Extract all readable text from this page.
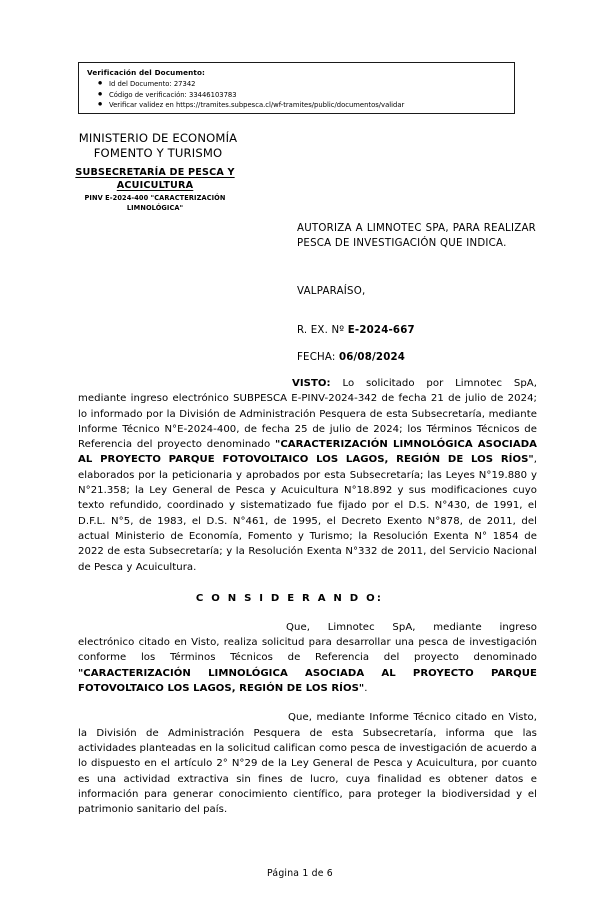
Verificación del Documento:
● Id del Documento: 27342
● Código de verificación: 33446103783
● Verificar validez en https://tramites.subpesca.cl/wf-tramites/public/documentos/validar
MINISTERIO DE ECONOMÍA
FOMENTO Y TURISMO
SUBSECRETARÍA DE PESCA Y
ACUICULTURA
PINV E-2024-400 "CARACTERIZACIÓN
LIMNOLÓGICA"
AUTORIZA A LIMNOTEC SPA, PARA REALIZAR PESCA DE INVESTIGACIÓN QUE INDICA.
VALPARAÍSO,
R. EX. Nº E-2024-667
FECHA: 06/08/2024

VISTO: Lo solicitado por Limnotec SpA, mediante ingreso electrónico SUBPESCA E-PINV-2024-342 de fecha 21 de julio de 2024; lo informado por la División de Administración Pesquera de esta Subsecretaría, mediante Informe Técnico N°E-2024-400, de fecha 25 de julio de 2024; los Términos Técnicos de Referencia del proyecto denominado "CARACTERIZACIÓN LIMNOLÓGICA ASOCIADA AL PROYECTO PARQUE FOTOVOLTAICO LOS LAGOS, REGIÓN DE LOS RÍOS", elaborados por la peticionaria y aprobados por esta Subsecretaría; las Leyes N°19.880 y N°21.358; la Ley General de Pesca y Acuicultura N°18.892 y sus modificaciones cuyo texto refundido, coordinado y sistematizado fue fijado por el D.S. N°430, de 1991, el D.F.L. N°5, de 1983, el D.S. N°461, de 1995, el Decreto Exento N°878, de 2011, del actual Ministerio de Economía, Fomento y Turismo; la Resolución Exenta N° 1854 de 2022 de esta Subsecretaría; y la Resolución Exenta N°332 de 2011, del Servicio Nacional de Pesca y Acuicultura.

C O N S I D E R A N D O:

Que, Limnotec SpA, mediante ingreso electrónico citado en Visto, realiza solicitud para desarrollar una pesca de investigación conforme los Términos Técnicos de Referencia del proyecto denominado "CARACTERIZACIÓN LIMNOLÓGICA ASOCIADA AL PROYECTO PARQUE FOTOVOLTAICO LOS LAGOS, REGIÓN DE LOS RÍOS".

Que, mediante Informe Técnico citado en Visto, la División de Administración Pesquera de esta Subsecretaría, informa que las actividades planteadas en la solicitud califican como pesca de investigación de acuerdo a lo dispuesto en el artículo 2° N°29 de la Ley General de Pesca y Acuicultura, por cuanto es una actividad extractiva sin fines de lucro, cuya finalidad es obtener datos e información para generar conocimiento científico, para proteger la biodiversidad y el patrimonio sanitario del país.

Página 1 de 6
